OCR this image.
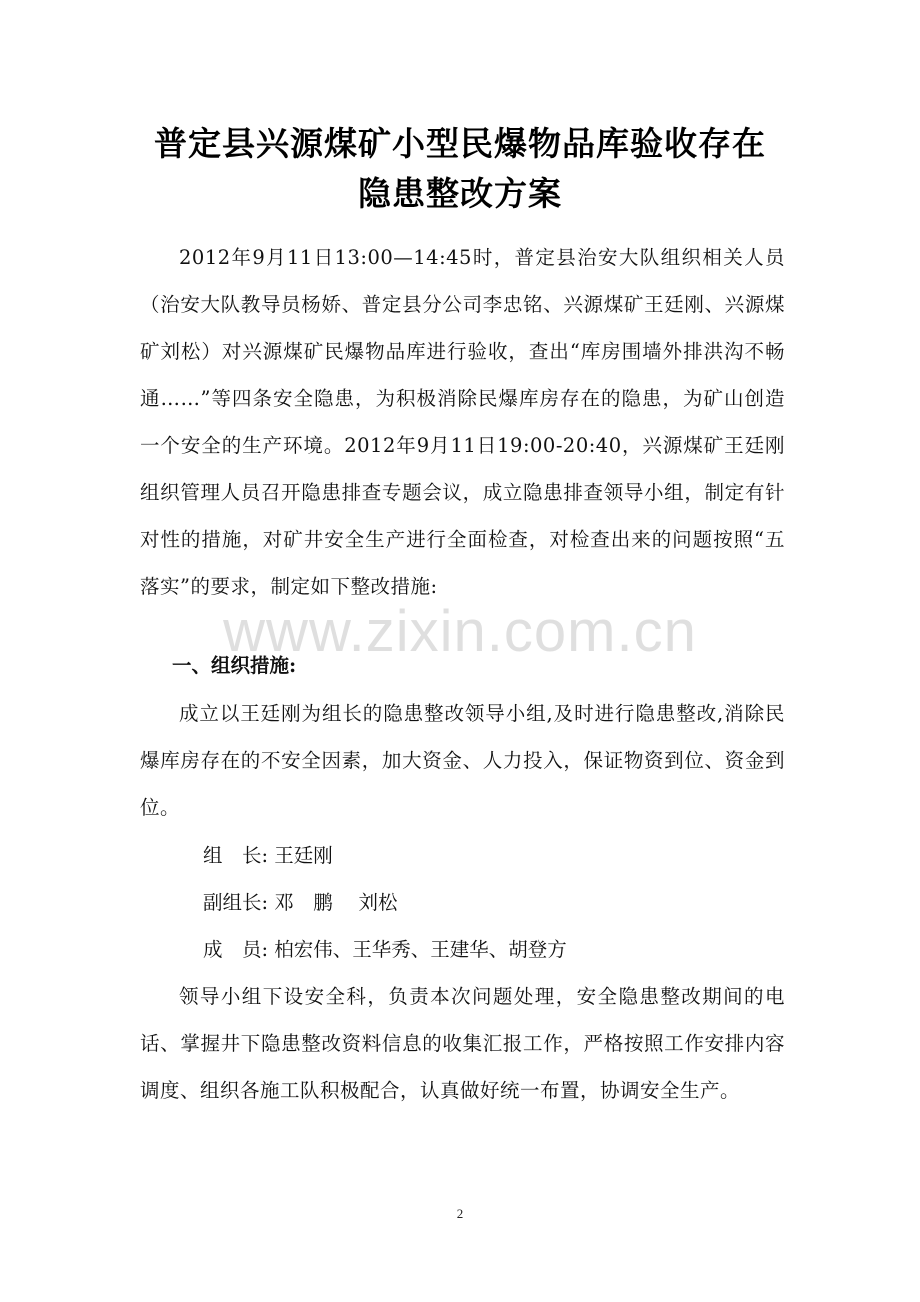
普定县兴源煤矿小型民爆物品库验收存在
隐患整改方案

2012年9月11日13:00—14:45时，普定县治安大队组织相关人员（治安大队教导员杨娇、普定县分公司李忠铭、兴源煤矿王廷刚、兴源煤矿刘松）对兴源煤矿民爆物品库进行验收，查出“库房围墙外排洪沟不畅通……”等四条安全隐患，为积极消除民爆库房存在的隐患，为矿山创造一个安全的生产环境。2012年9月11日19:00-20:40，兴源煤矿王廷刚组织管理人员召开隐患排查专题会议，成立隐患排查领导小组，制定有针对性的措施，对矿井安全生产进行全面检查，对检查出来的问题按照“五落实”的要求，制定如下整改措施:

www.zixin.com.cn
一、组织措施:

成立以王廷刚为组长的隐患整改领导小组,及时进行隐患整改,消除民爆库房存在的不安全因素，加大资金、人力投入，保证物资到位、资金到位。

组　长: 王廷刚

副组长: 邓　鹏　 刘松

成　员: 柏宏伟、王华秀、王建华、胡登方

领导小组下设安全科，负责本次问题处理，安全隐患整改期间的电话、掌握井下隐患整改资料信息的收集汇报工作，严格按照工作安排内容调度、组织各施工队积极配合，认真做好统一布置，协调安全生产。

2
